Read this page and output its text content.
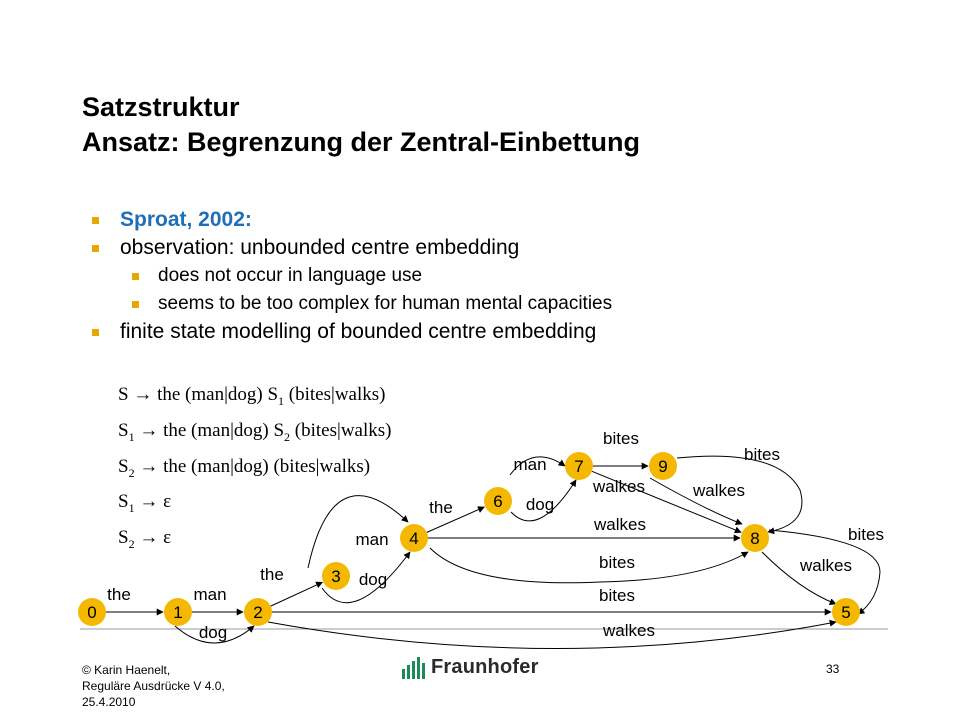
Satzstruktur
Ansatz: Begrenzung der Zentral-Einbettung
Sproat, 2002:
observation: unbounded centre embedding
does not occur in language use
seems to be too complex for human mental capacities
finite state modelling of bounded centre embedding
S → the (man|dog) $S_1$ (bites|walks)
$S_1$ → the (man|dog) $S_2$ (bites|walks)
$S_2$ → the (man|dog) (bites|walks)
$S_1 \to \varepsilon$
$S_2 \to \varepsilon$
0	1	2
3
4
5
6
7
8
9
the	man
dog
the
man
dog
the
man
dog
bites
walkes	walkes
bites
walkes
bites	walkes
bites
bites
walkes
© Karin Haenelt,
Reguläre Ausdrücke V 4.0,
25.4.2010
Fraunhofer	33
